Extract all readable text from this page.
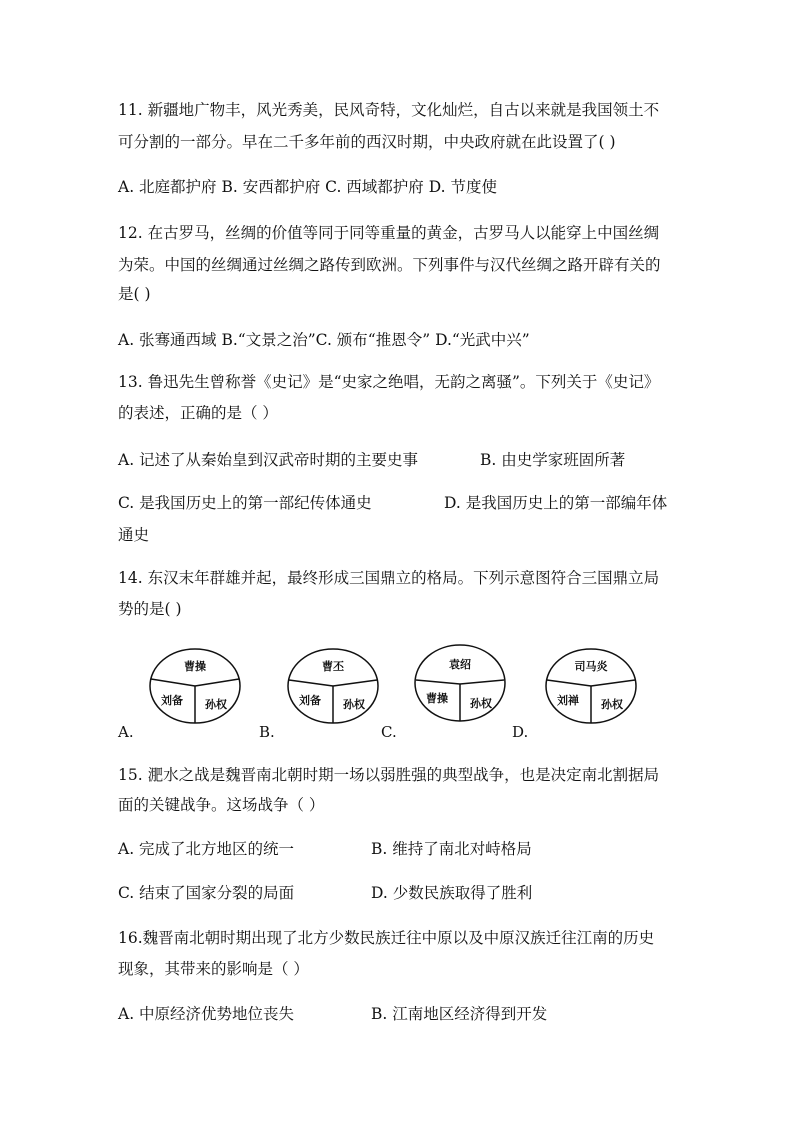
11. 新疆地广物丰，风光秀美，民风奇特，文化灿烂，自古以来就是我国领土不
可分割的一部分。早在二千多年前的西汉时期，中央政府就在此设置了( )
A. 北庭都护府 B. 安西都护府 C. 西域都护府 D. 节度使
12. 在古罗马，丝绸的价值等同于同等重量的黄金，古罗马人以能穿上中国丝绸
为荣。中国的丝绸通过丝绸之路传到欧洲。下列事件与汉代丝绸之路开辟有关的
是( )
A. 张骞通西域 B.“文景之治”C. 颁布“推恩令” D.“光武中兴”
13. 鲁迅先生曾称誉《史记》是“史家之绝唱，无韵之离骚”。下列关于《史记》
的表述，正确的是（ ）
A. 记述了从秦始皇到汉武帝时期的主要史事	B. 由史学家班固所著
C. 是我国历史上的第一部纪传体通史	D. 是我国历史上的第一部编年体
通史
14. 东汉末年群雄并起，最终形成三国鼎立的格局。下列示意图符合三国鼎立局
势的是( )
A.	B.	C.	D.
曹操
刘备 孙权
曹丕
刘备 孙权
袁绍
曹操 孙权
司马炎
刘禅 孙权
15. 淝水之战是魏晋南北朝时期一场以弱胜强的典型战争，也是决定南北割据局
面的关键战争。这场战争（ ）
A. 完成了北方地区的统一	B. 维持了南北对峙格局
C. 结束了国家分裂的局面	D. 少数民族取得了胜利
16.魏晋南北朝时期出现了北方少数民族迁往中原以及中原汉族迁往江南的历史
现象，其带来的影响是（ ）
A. 中原经济优势地位丧失	B. 江南地区经济得到开发
